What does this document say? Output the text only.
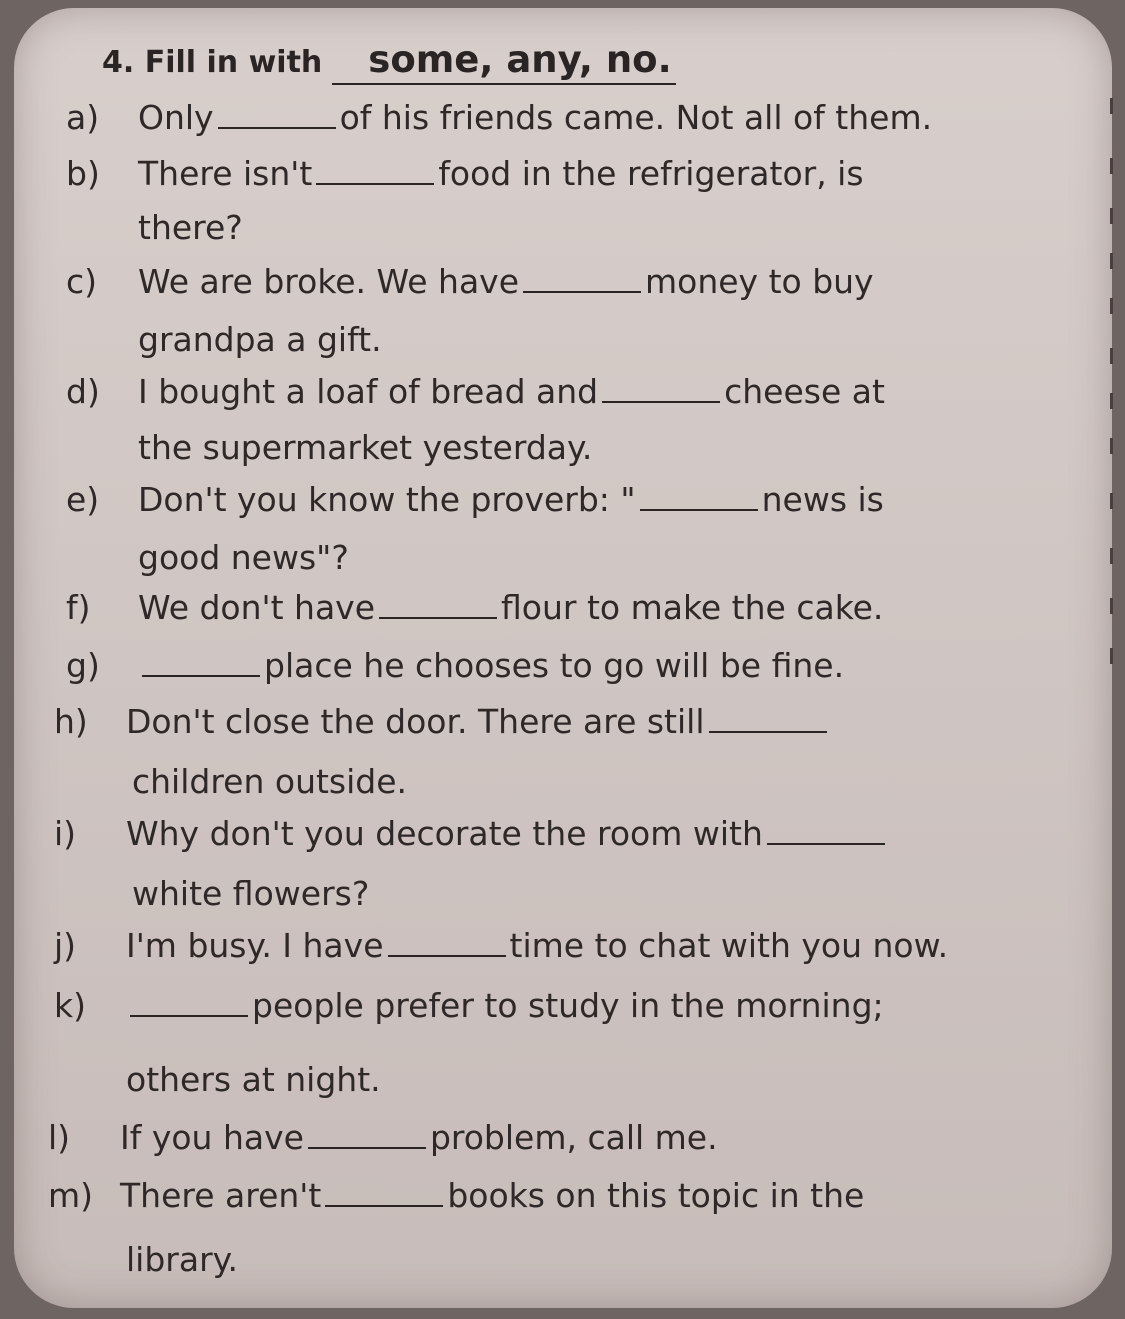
4. Fill in with some, any, no.
a) Only	of his friends came. Not all of them.
b) There isn't	food in the refrigerator, is
there?
c) We are broke. We have	money to buy
grandpa a gift.
d) I bought a loaf of bread and	cheese at
the supermarket yesterday.
e) Don't you know the proverb: "	news is
good news"?
f) We don't have	flour to make the cake.
g)	place he chooses to go will be fine.
h) Don't close the door. There are still
children outside.
i) Why don't you decorate the room with
white flowers?
j) I'm busy. I have	time to chat with you now.
k)	people prefer to study in the morning;
others at night.
l) If you have	problem, call me.
m) There aren't	books on this topic in the
library.
